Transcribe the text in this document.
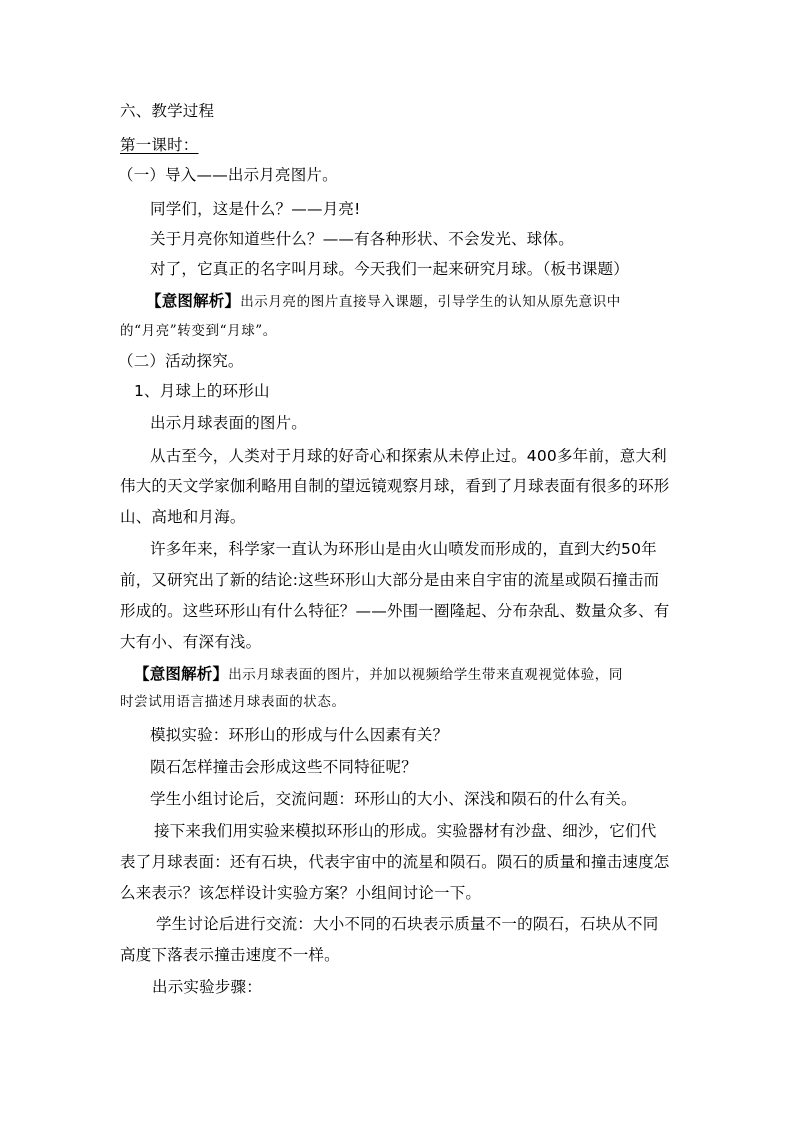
六、教学过程
第一课时：
（一）导入——出示月亮图片。
同学们，这是什么？——月亮!
关于月亮你知道些什么？——有各种形状、不会发光、球体。
对了，它真正的名字叫月球。今天我们一起来研究月球。（板书课题）
【意图解析】出示月亮的图片直接导入课题，引导学生的认知从原先意识中
的“月亮”转变到“月球”。
（二）活动探究。
1、月球上的环形山
出示月球表面的图片。
从古至今，人类对于月球的好奇心和探索从未停止过。400多年前，意大利
伟大的天文学家伽利略用自制的望远镜观察月球，看到了月球表面有很多的环形
山、高地和月海。
许多年来，科学家一直认为环形山是由火山喷发而形成的，直到大约50年
前，又研究出了新的结论:这些环形山大部分是由来自宇宙的流星或陨石撞击而
形成的。这些环形山有什么特征？——外围一圈隆起、分布杂乱、数量众多、有
大有小、有深有浅。
【意图解析】出示月球表面的图片，并加以视频给学生带来直观视觉体验，同
时尝试用语言描述月球表面的状态。
模拟实验：环形山的形成与什么因素有关？
陨石怎样撞击会形成这些不同特征呢？
学生小组讨论后，交流问题：环形山的大小、深浅和陨石的什么有关。
接下来我们用实验来模拟环形山的形成。实验器材有沙盘、细沙，它们代
表了月球表面：还有石块，代表宇宙中的流星和陨石。陨石的质量和撞击速度怎
么来表示？该怎样设计实验方案？小组间讨论一下。
学生讨论后进行交流：大小不同的石块表示质量不一的陨石，石块从不同
高度下落表示撞击速度不一样。
出示实验步骤：
